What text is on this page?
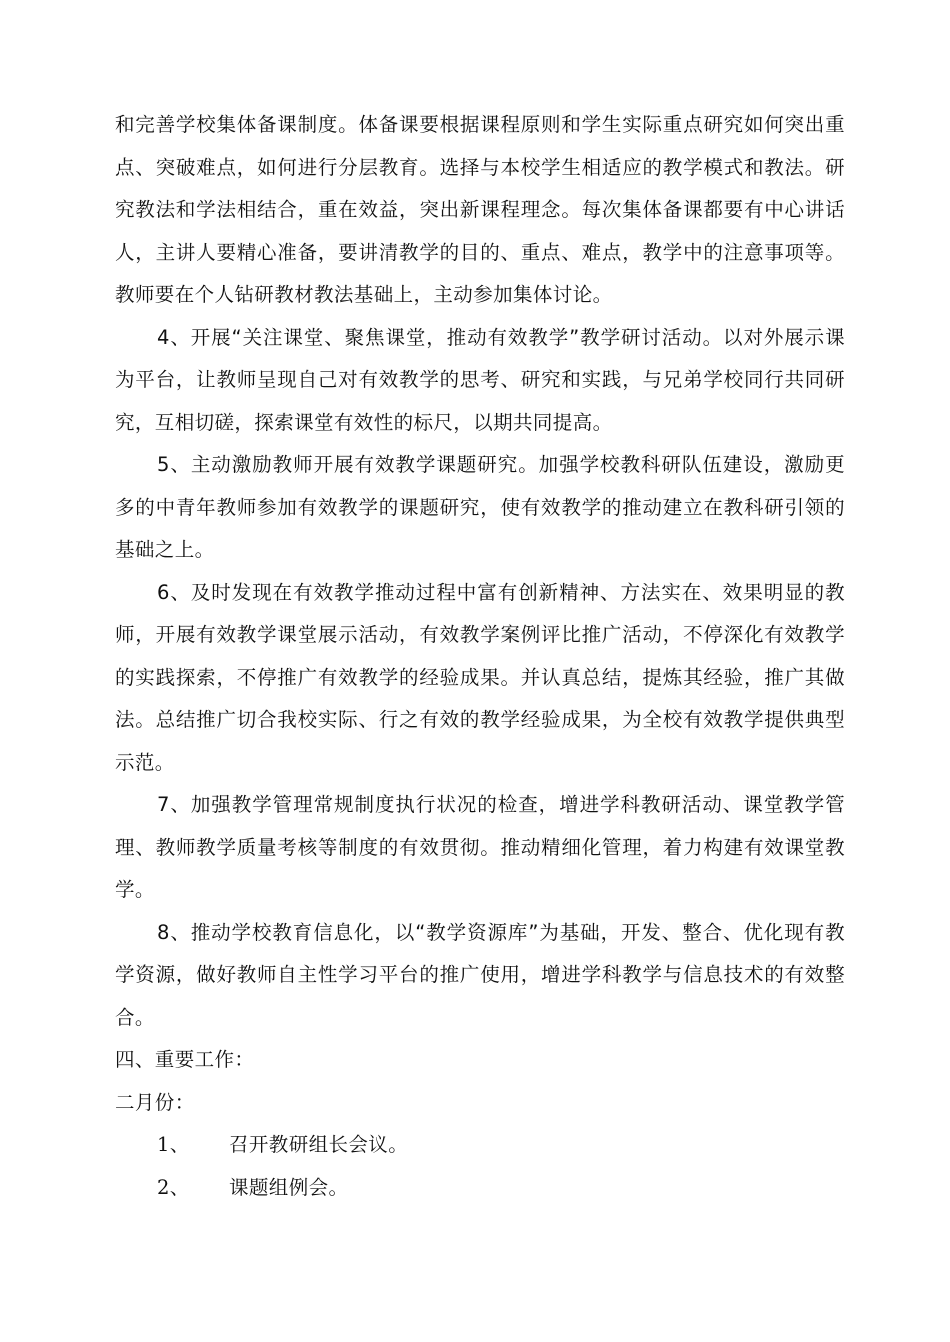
和完善学校集体备课制度。体备课要根据课程原则和学生实际重点研究如何突出重点、突破难点，如何进行分层教育。选择与本校学生相适应的教学模式和教法。研究教法和学法相结合，重在效益，突出新课程理念。每次集体备课都要有中心讲话人，主讲人要精心准备，要讲清教学的目的、重点、难点，教学中的注意事项等。教师要在个人钻研教材教法基础上，主动参加集体讨论。

4、开展“关注课堂、聚焦课堂，推动有效教学”教学研讨活动。以对外展示课为平台，让教师呈现自己对有效教学的思考、研究和实践，与兄弟学校同行共同研究，互相切磋，探索课堂有效性的标尺，以期共同提高。

5、主动激励教师开展有效教学课题研究。加强学校教科研队伍建设，激励更多的中青年教师参加有效教学的课题研究，使有效教学的推动建立在教科研引领的基础之上。

6、及时发现在有效教学推动过程中富有创新精神、方法实在、效果明显的教师，开展有效教学课堂展示活动，有效教学案例评比推广活动，不停深化有效教学的实践探索，不停推广有效教学的经验成果。并认真总结，提炼其经验，推广其做法。总结推广切合我校实际、行之有效的教学经验成果，为全校有效教学提供典型示范。

7、加强教学管理常规制度执行状况的检查，增进学科教研活动、课堂教学管理、教师教学质量考核等制度的有效贯彻。推动精细化管理，着力构建有效课堂教学。

8、推动学校教育信息化，以“教学资源库”为基础，开发、整合、优化现有教学资源，做好教师自主性学习平台的推广使用，增进学科教学与信息技术的有效整合。

四、重要工作：

二月份：

1、	召开教研组长会议。
2、	课题组例会。
